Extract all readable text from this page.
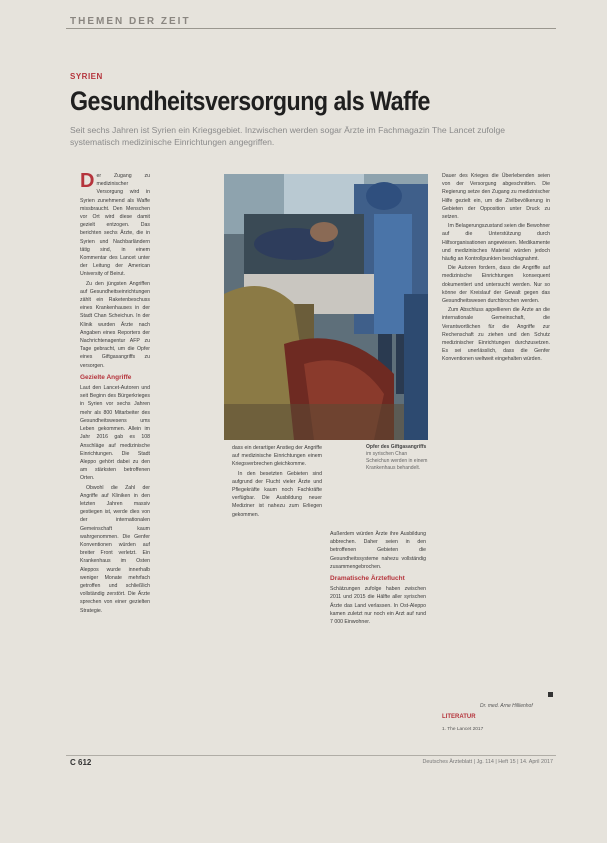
THEMEN DER ZEIT
SYRIEN
Gesundheitsversorgung als Waffe
Seit sechs Jahren ist Syrien ein Kriegsgebiet. Inzwischen werden sogar Ärzte im Fachmagazin The Lancet zufolge systematisch medizinische Einrichtungen angegriffen.

Der Zugang zu medizinischer Versorgung wird in Syrien zunehmend als Waffe missbraucht. Den Menschen vor Ort wird diese damit gezielt entzogen. Das berichten sechs Ärzte, die in Syrien und Nachbarländern tätig sind, in einem Kommentar des Lancet unter der Leitung der American University of Beirut.

Zu den jüngsten Angriffen auf Gesundheitseinrichtungen zählt ein Raketenbeschuss eines Krankenhauses in der Stadt Chan Scheichun. In der Klinik wurden Ärzte nach Angaben eines Reporters der Nachrichtenagentur AFP zu Tage gebracht, um die Opfer eines Giftgasangriffs zu versorgen.

Gezielte Angriffe

Laut den Lancet-Autoren und seit Beginn des Bürgerkrieges in Syrien vor sechs Jahren mehr als 800 Mitarbeiter des Gesundheitswesens ums Leben gekommen. Allein im Jahr 2016 gab es 108 Anschläge auf medizinische Einrichtungen. Die Stadt Aleppo gehört dabei zu den am stärksten betroffenen Orten.

Obwohl die Zahl der Angriffe auf Kliniken in den letzten Jahren massiv gestiegen ist, werde dies von der internationalen Gemeinschaft kaum wahrgenommen. Die Genfer Konventionen würden auf breiter Front verletzt. Ein Krankenhaus im Osten Aleppos wurde innerhalb weniger Monate mehrfach getroffen und schließlich vollständig zerstört. Die Ärzte sprechen von einer gezielten Strategie.

Opfer des Giftgasangriffs im syrischen Chan Scheichun werden in einem Krankenhaus behandelt.

dass ein derartiger Anstieg der Angriffe auf medizinische Einrichtungen einem Kriegsverbrechen gleichkomme.

In den besetzten Gebieten sind aufgrund der Flucht vieler Ärzte und Pflegekräfte kaum noch Fachkräfte verfügbar. Die Ausbildung neuer Mediziner ist nahezu zum Erliegen gekommen.

Außerdem würden Ärzte ihre Ausbildung abbrechen. Daher seien in den betroffenen Gebieten die Gesundheitssysteme nahezu vollständig zusammengebrochen.

Dramatische Ärzteflucht

Schätzungen zufolge haben zwischen 2011 und 2015 die Hälfte aller syrischen Ärzte das Land verlassen. In Ost-Aleppo kamen zuletzt nur noch ein Arzt auf rund 7 000 Einwohner.

Dauer des Krieges die Überlebenden seien von der Versorgung abgeschnitten. Die Regierung setze den Zugang zu medizinischer Hilfe gezielt ein, um die Zivilbevölkerung in Gebieten der Opposition unter Druck zu setzen.

Im Belagerungszustand seien die Bewohner auf die Unterstützung durch Hilfsorganisationen angewiesen. Medikamente und medizinisches Material würden jedoch häufig an Kontrollpunkten beschlagnahmt.

Die Autoren fordern, dass die Angriffe auf medizinische Einrichtungen konsequent dokumentiert und untersucht werden. Nur so könne der Kreislauf der Gewalt gegen das Gesundheitswesen durchbrochen werden.

Zum Abschluss appellieren die Ärzte an die internationale Gemeinschaft, die Verantwortlichen für die Angriffe zur Rechenschaft zu ziehen und den Schutz medizinischer Einrichtungen durchzusetzen. Es sei unerlässlich, dass die Genfer Konventionen weltweit eingehalten würden.

Dr. med. Arne Hillienhof
LITERATUR
1. The Lancet 2017
C 612	Deutsches Ärzteblatt | Jg. 114 | Heft 15 | 14. April 2017
